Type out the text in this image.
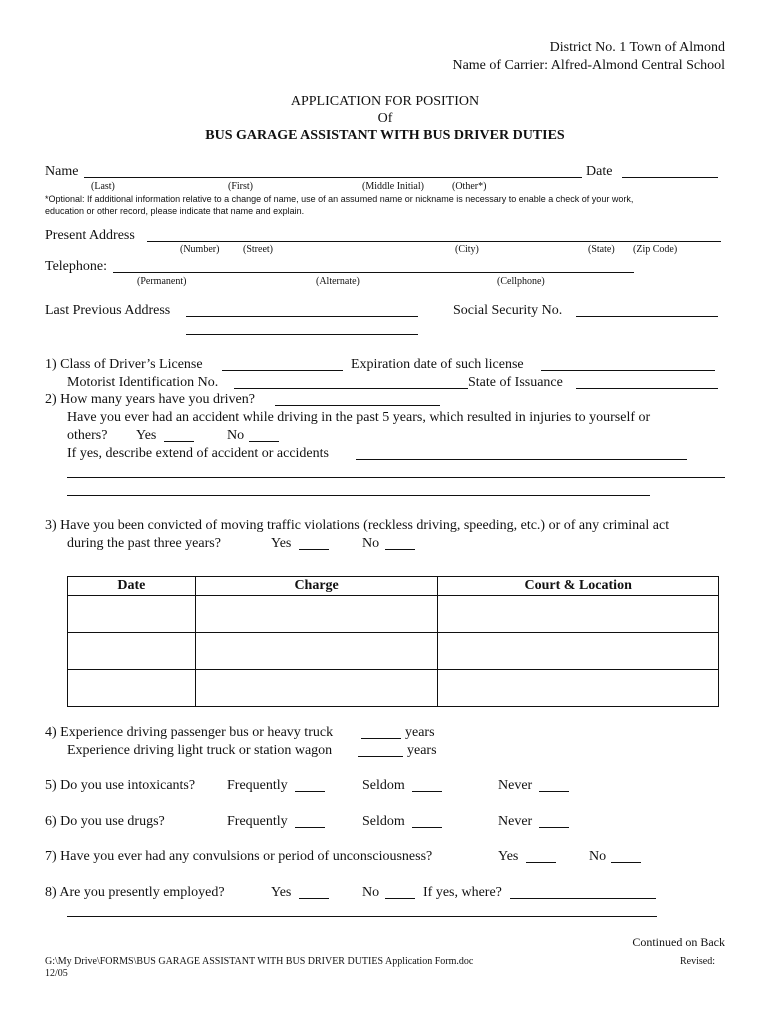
District No. 1 Town of Almond
Name of Carrier: Alfred-Almond Central School
APPLICATION FOR POSITION
Of
BUS GARAGE ASSISTANT WITH BUS DRIVER DUTIES
Name	Date
(Last)	(First)	(Middle Initial)	(Other*)
*Optional: If additional information relative to a change of name, use of an assumed name or nickname is necessary to enable a check of your work,
education or other record, please indicate that name and explain.
Present Address
(Number) (Street)	(City)	(State) (Zip Code)
Telephone:
(Permanent)	(Alternate)	(Cellphone)
Last Previous Address	Social Security No.
1) Class of Driver’s License	Expiration date of such license
Motorist Identification No.	State of Issuance
2) How many years have you driven?
Have you ever had an accident while driving in the past 5 years, which resulted in injuries to yourself or
others? Yes	No
If yes, describe extend of accident or accidents
3) Have you been convicted of moving traffic violations (reckless driving, speeding, etc.) or of any criminal act
during the past three years?	Yes	No
Date	Charge	Court & Location

4) Experience driving passenger bus or heavy truck	years
Experience driving light truck or station wagon	years
5) Do you use intoxicants? Frequently	Seldom	Never
6) Do you use drugs?	Frequently	Seldom	Never
7) Have you ever had any convulsions or period of unconsciousness?	Yes	No
8) Are you presently employed?	Yes	No	If yes, where?
Continued on Back
G:\My Drive\FORMS\BUS GARAGE ASSISTANT WITH BUS DRIVER DUTIES Application Form.doc
12/05
Revised:
